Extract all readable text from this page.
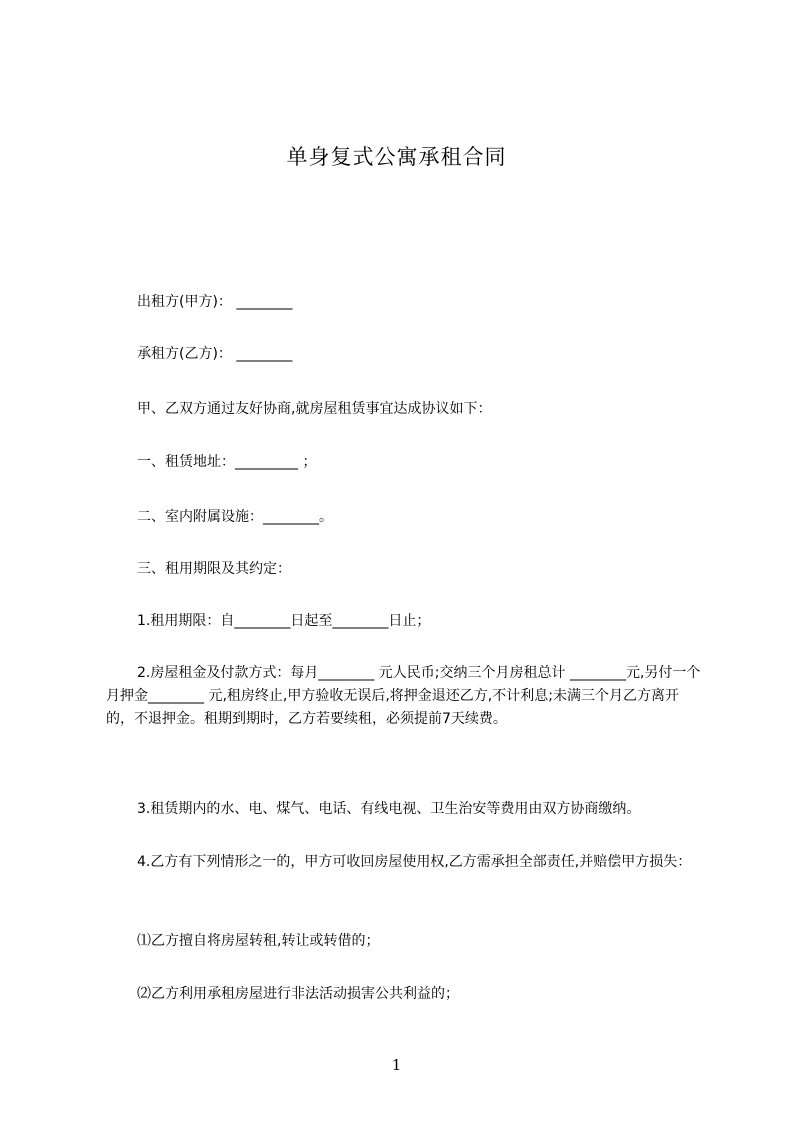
单身复式公寓承租合同
出租方(甲方)： ________
承租方(乙方)： ________
甲、乙双方通过友好协商,就房屋租赁事宜达成协议如下：
一、租赁地址：_________ ；
二、室内附属设施：________。
三、租用期限及其约定：
1.租用期限：自________日起至________日止；
2.房屋租金及付款方式：每月________ 元人民币;交纳三个月房租总计 ________元,另付一个月押金________ 元,租房终止,甲方验收无误后,将押金退还乙方,不计利息;未满三个月乙方离开的，不退押金。租期到期时，乙方若要续租，必须提前7天续费。
3.租赁期内的水、电、煤气、电话、有线电视、卫生治安等费用由双方协商缴纳。
4.乙方有下列情形之一的，甲方可收回房屋使用权,乙方需承担全部责任,并赔偿甲方损失：
⑴乙方擅自将房屋转租,转让或转借的；
⑵乙方利用承租房屋进行非法活动损害公共利益的；
1
